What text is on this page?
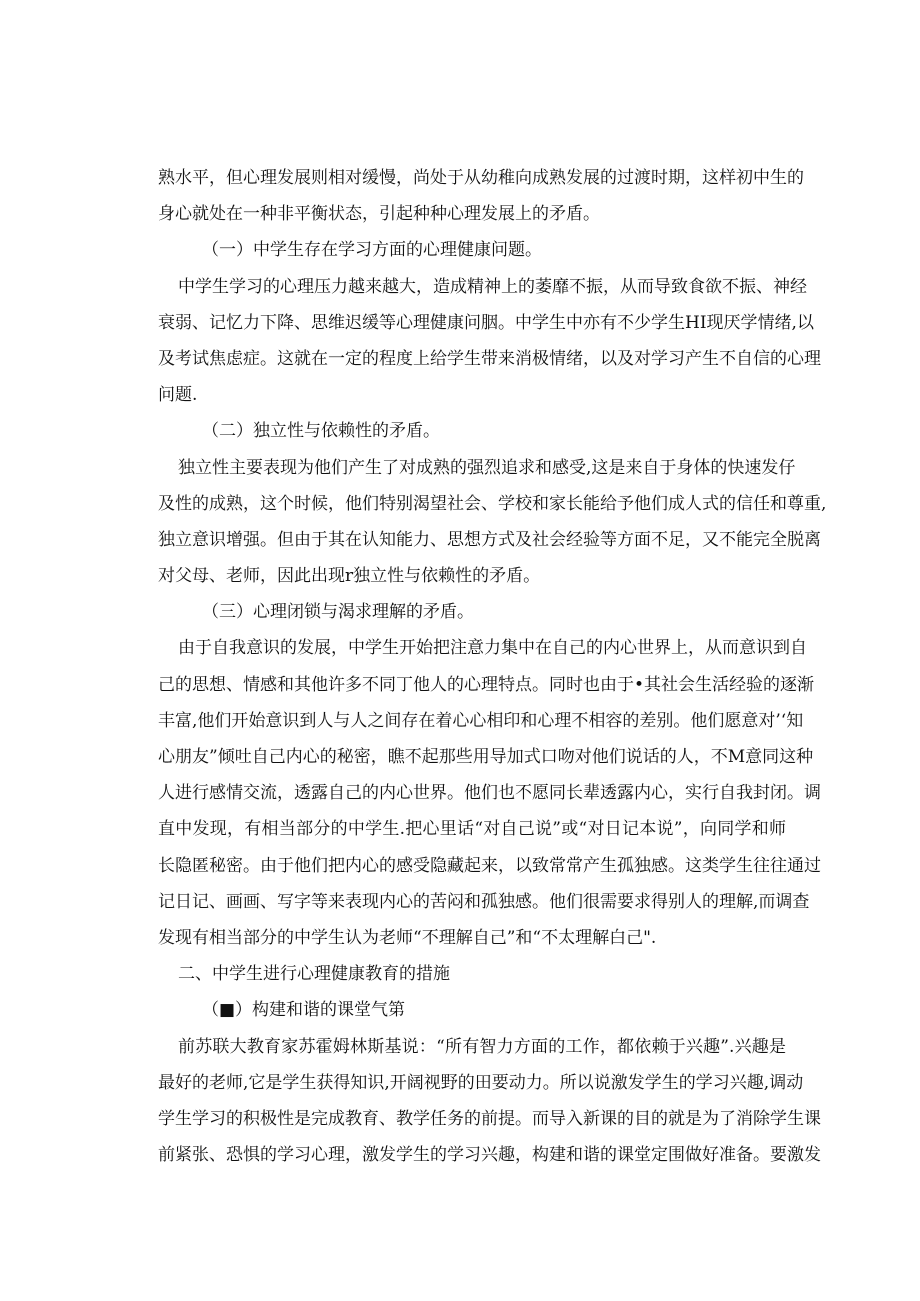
熟水平，但心理发展则相对缓慢，尚处于从幼稚向成熟发展的过渡时期，这样初中生的
身心就处在一种非平衡状态，引起种种心理发展上的矛盾。
（一）中学生存在学习方面的心理健康问题。
中学生学习的心理压力越来越大，造成精神上的萎靡不振，从而导致食欲不振、神经
衰弱、记忆力下降、思维迟缓等心理健康问胭。中学生中亦有不少学生HI现厌学情绪,以
及考试焦虑症。这就在一定的程度上给学生带来消极情绪，以及对学习产生不自信的心理
问题.
（二）独立性与依赖性的矛盾。
独立性主要表现为他们产生了对成熟的强烈追求和感受,这是来自于身体的快速发仔
及性的成熟，这个时候，他们特别渴望社会、学校和家长能给予他们成人式的信任和尊重,
独立意识增强。但由于其在认知能力、思想方式及社会经验等方面不足，又不能完全脱离
对父母、老师，因此出现r独立性与依赖性的矛盾。
（三）心理闭锁与渴求理解的矛盾。
由于自我意识的发展，中学生开始把注意力集中在自己的内心世界上，从而意识到自
己的思想、情感和其他许多不同丁他人的心理特点。同时也由于•其社会生活经验的逐渐
丰富,他们开始意识到人与人之间存在着心心相印和心理不相容的差别。他们愿意对’‘知
心朋友”倾吐自己内心的秘密，瞧不起那些用导加式口吻对他们说话的人，不M意同这种
人进行感情交流，透露自己的内心世界。他们也不愿同长辈透露内心，实行自我封闭。调
直中发现，有相当部分的中学生.把心里话“对自己说”或“对日记本说”，向同学和师
长隐匿秘密。由于他们把内心的感受隐藏起来，以致常常产生孤独感。这类学生往往通过
记日记、画画、写字等来表现内心的苦闷和孤独感。他们很需要求得别人的理解,而调查
发现有相当部分的中学生认为老师“不理解自己”和“不太理解白己".
二、中学生进行心理健康教育的措施
（■）构建和谐的课堂气第
前苏联大教育家苏霍姆林斯基说：“所有智力方面的工作，都依赖于兴趣”.兴趣是
最好的老师,它是学生获得知识,开阔视野的田要动力。所以说激发学生的学习兴趣,调动
学生学习的积极性是完成教育、教学任务的前提。而导入新课的目的就是为了消除学生课
前紧张、恐惧的学习心理，激发学生的学习兴趣，构建和谐的课堂定围做好准备。要激发
